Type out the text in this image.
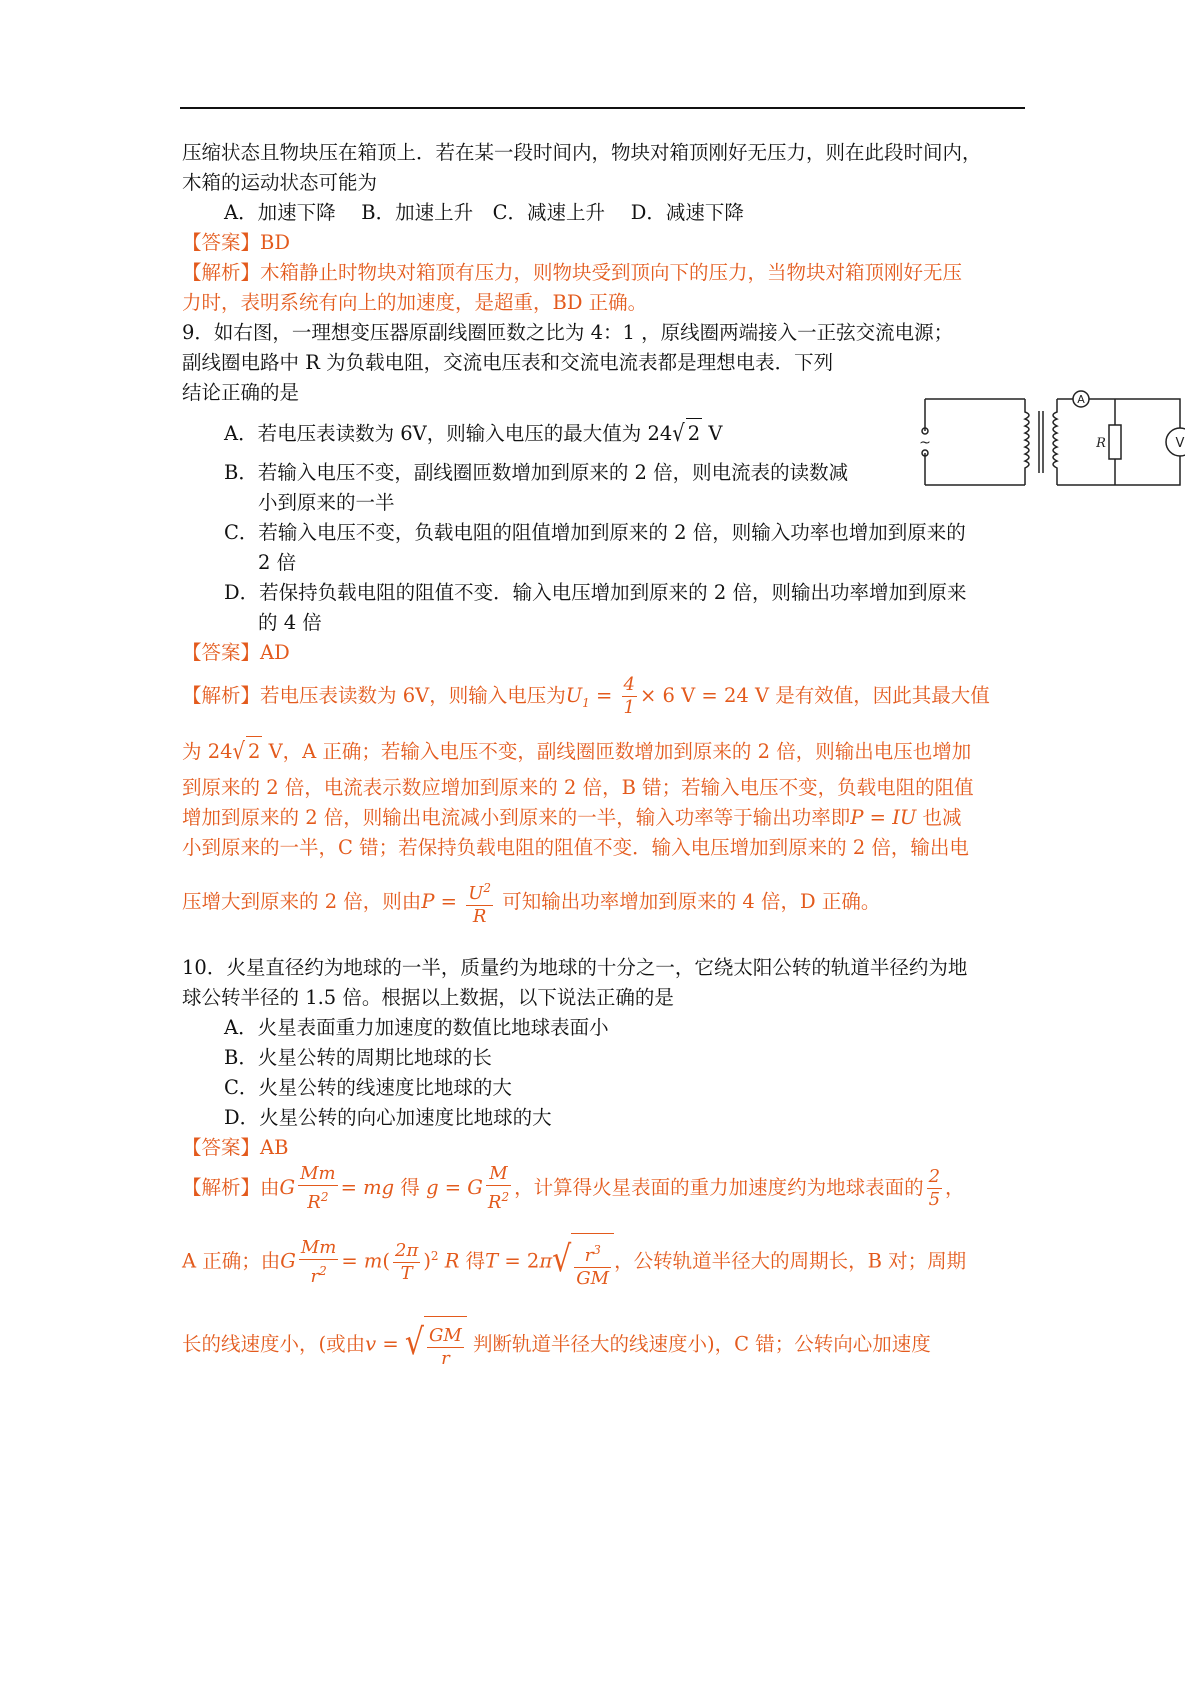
压缩状态且物块压在箱顶上．若在某一段时间内，物块对箱顶刚好无压力，则在此段时间内，
木箱的运动状态可能为
A．加速下降　 B．加速上升　C．减速上升　 D．减速下降
【答案】BD
【解析】木箱静止时物块对箱顶有压力，则物块受到顶向下的压力，当物块对箱顶刚好无压
力时，表明系统有向上的加速度，是超重，BD 正确。
9．如右图，一理想变压器原副线圈匝数之比为 4：1 ，原线圈两端接入一正弦交流电源；
副线圈电路中 R 为负载电阻，交流电压表和交流电流表都是理想电表．下列
结论正确的是
~
A
R	V
A．若电压表读数为 6V，则输入电压的最大值为 24√ 2 V
B．若输入电压不变，副线圈匝数增加到原来的 2 倍，则电流表的读数减
小到原来的一半
C．若输入电压不变，负载电阻的阻值增加到原来的 2 倍，则输入功率也增加到原来的
2 倍
D．若保持负载电阻的阻值不变．输入电压增加到原来的 2 倍，则输出功率增加到原来
的 4 倍
【答案】AD
【解析】若电压表读数为 6V，则输入电压为$U_1 = \frac{4}{1} \times 6$ V = 24 V 是有效值，因此其最大值
为 24√ 2 V，A 正确；若输入电压不变，副线圈匝数增加到原来的 2 倍，则输出电压也增加
到原来的 2 倍，电流表示数应增加到原来的 2 倍，B 错；若输入电压不变，负载电阻的阻值
增加到原来的 2 倍，则输出电流减小到原来的一半，输入功率等于输出功率即P = IU 也减
小到原来的一半，C 错；若保持负载电阻的阻值不变．输入电压增加到原来的 2 倍，输出电
压增大到原来的 2 倍，则由$P = \frac{U^2}{R}$ 可知输出功率增加到原来的 4 倍，D 正确。
10．火星直径约为地球的一半，质量约为地球的十分之一，它绕太阳公转的轨道半径约为地
球公转半径的 1.5 倍。根据以上数据，以下说法正确的是
A．火星表面重力加速度的数值比地球表面小
B．火星公转的周期比地球的长
C．火星公转的线速度比地球的大
D．火星公转的向心加速度比地球的大
【答案】AB
【解析】由G $\frac{Mm}{R^2}$ = mg 得 g = G $\frac{M}{R^2}$ ，计算得火星表面的重力加速度约为地球表面的 $\frac{2}{5}$ ，
A 正确；由G $\frac{Mm}{r^2} = m( \frac{2\pi}{T} )^2$ R 得$T = 2\pi√ \frac{r^3}{GM}$ ，公转轨道半径大的周期长，B 对；周期
长的线速度小，(或由v = √ $\frac{GM}{r}$ 判断轨道半径大的线速度小)，C 错；公转向心加速度
